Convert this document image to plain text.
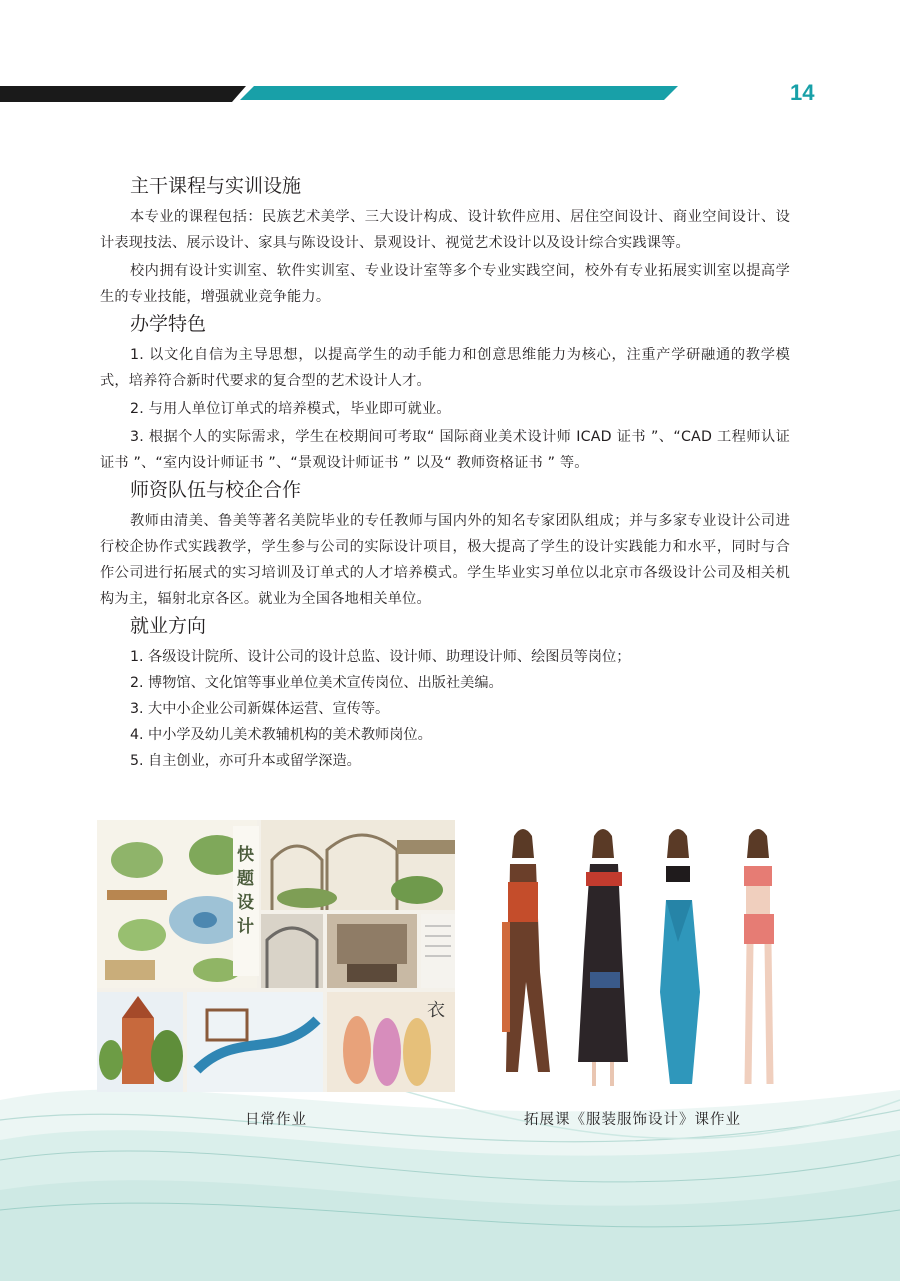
14
主干课程与实训设施

本专业的课程包括：民族艺术美学、三大设计构成、设计软件应用、居住空间设计、商业空间设计、设计表现技法、展示设计、家具与陈设设计、景观设计、视觉艺术设计以及设计综合实践课等。

校内拥有设计实训室、软件实训室、专业设计室等多个专业实践空间，校外有专业拓展实训室以提高学生的专业技能，增强就业竞争能力。

办学特色

1. 以文化自信为主导思想，以提高学生的动手能力和创意思维能力为核心，注重产学研融通的教学模式，培养符合新时代要求的复合型的艺术设计人才。

2. 与用人单位订单式的培养模式，毕业即可就业。

3. 根据个人的实际需求，学生在校期间可考取“ 国际商业美术设计师 ICAD 证书 ”、“CAD 工程师认证证书 ”、“室内设计师证书 ”、“景观设计师证书 ” 以及“ 教师资格证书 ” 等。

师资队伍与校企合作

教师由清美、鲁美等著名美院毕业的专任教师与国内外的知名专家团队组成；并与多家专业设计公司进行校企协作式实践教学，学生参与公司的实际设计项目，极大提高了学生的设计实践能力和水平，同时与合作公司进行拓展式的实习培训及订单式的人才培养模式。学生毕业实习单位以北京市各级设计公司及相关机构为主，辐射北京各区。就业为全国各地相关单位。

就业方向

1. 各级设计院所、设计公司的设计总监、设计师、助理设计师、绘图员等岗位；

2. 博物馆、文化馆等事业单位美术宣传岗位、出版社美编。

3. 大中小企业公司新媒体运营、宣传等。

4. 中小学及幼儿美术教辅机构的美术教师岗位。

5. 自主创业，亦可升本或留学深造。

快
题
设
计
衣
日常作业	拓展课《服装服饰设计》课作业
